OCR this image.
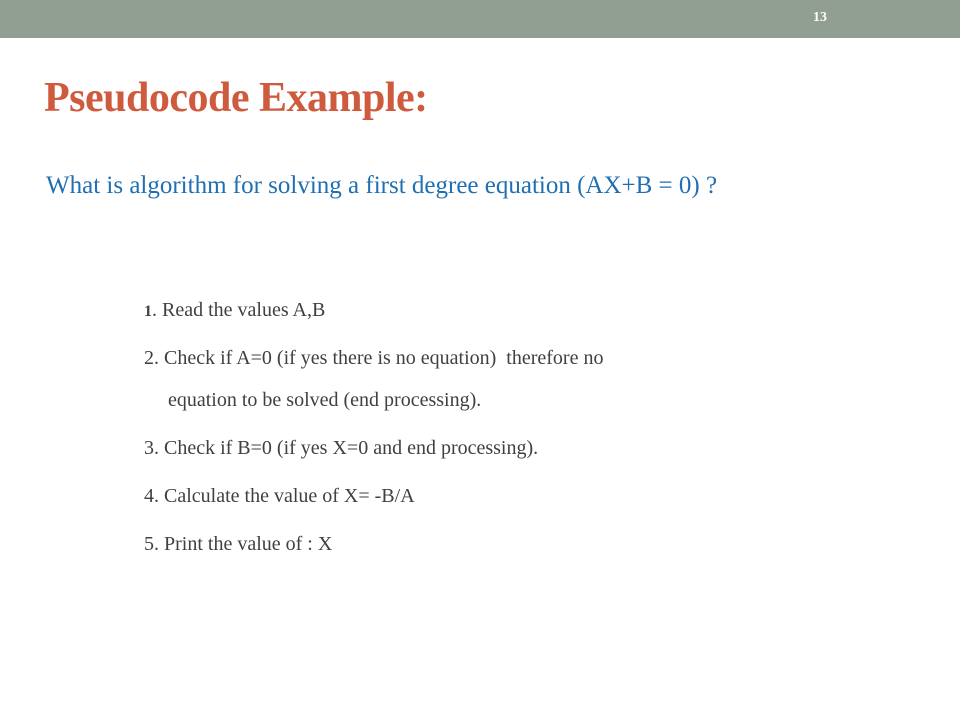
13
Pseudocode Example:

What is algorithm for solving a first degree equation (AX+B = 0) ?

1 . Read the values A,B
2 . Check if A=0 (if yes there is no equation)  therefore no
equation to be solved (end processing).
3 . Check if B=0 (if yes X=0 and end processing).
4 . Calculate the value of X= -B/A
5 . Print the value of : X
